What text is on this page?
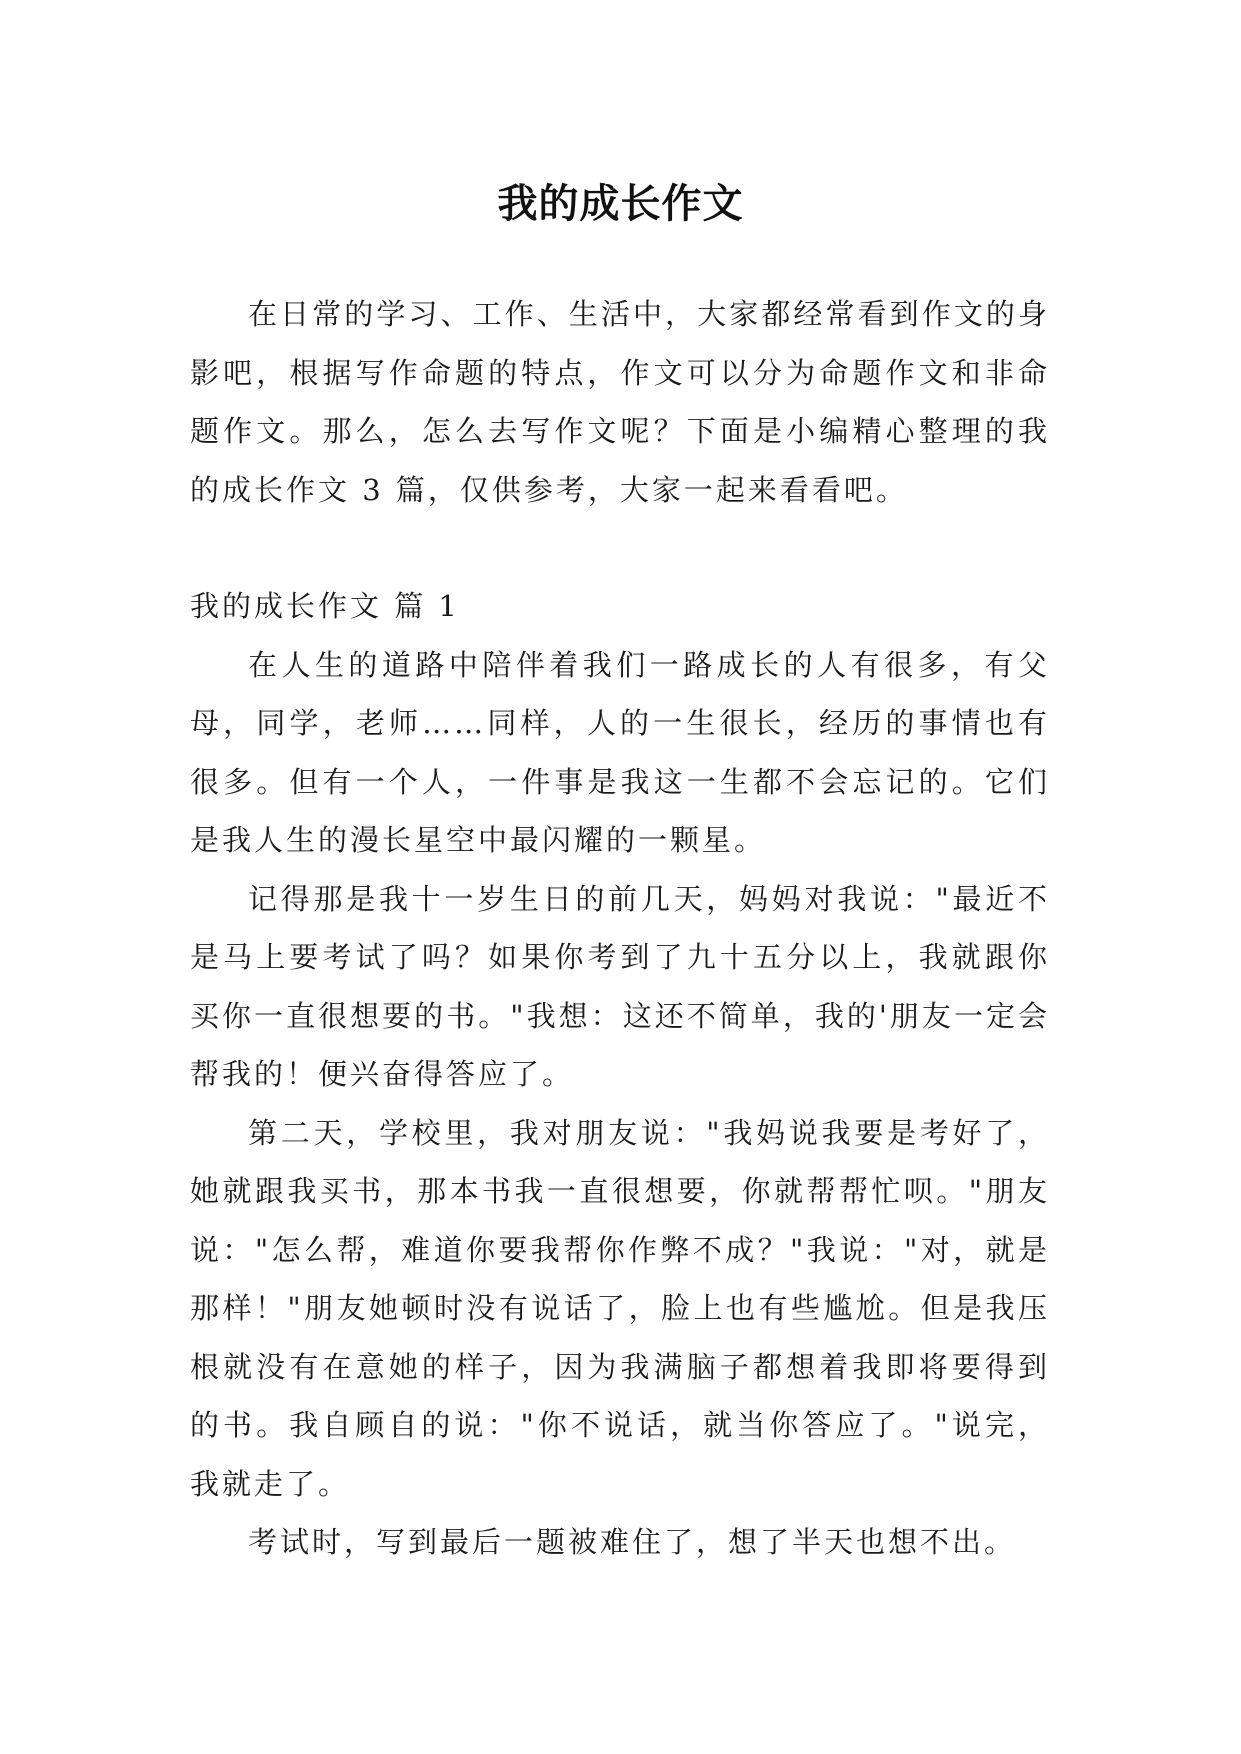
我的成长作文

在日常的学习、工作、生活中，大家都经常看到作文的身影吧，根据写作命题的特点，作文可以分为命题作文和非命题作文。那么，怎么去写作文呢？下面是小编精心整理的我的成长作文 3 篇，仅供参考，大家一起来看看吧。

我的成长作文 篇 1

在人生的道路中陪伴着我们一路成长的人有很多，有父母，同学，老师……同样，人的一生很长，经历的事情也有很多。但有一个人，一件事是我这一生都不会忘记的。它们是我人生的漫长星空中最闪耀的一颗星。

记得那是我十一岁生日的前几天，妈妈对我说："最近不是马上要考试了吗？如果你考到了九十五分以上，我就跟你买你一直很想要的书。"我想：这还不简单，我的'朋友一定会帮我的！便兴奋得答应了。

第二天，学校里，我对朋友说："我妈说我要是考好了，她就跟我买书，那本书我一直很想要，你就帮帮忙呗。"朋友说："怎么帮，难道你要我帮你作弊不成？"我说："对，就是那样！"朋友她顿时没有说话了，脸上也有些尴尬。但是我压根就没有在意她的样子，因为我满脑子都想着我即将要得到的书。我自顾自的说："你不说话，就当你答应了。"说完，我就走了。

考试时，写到最后一题被难住了，想了半天也想不出。
